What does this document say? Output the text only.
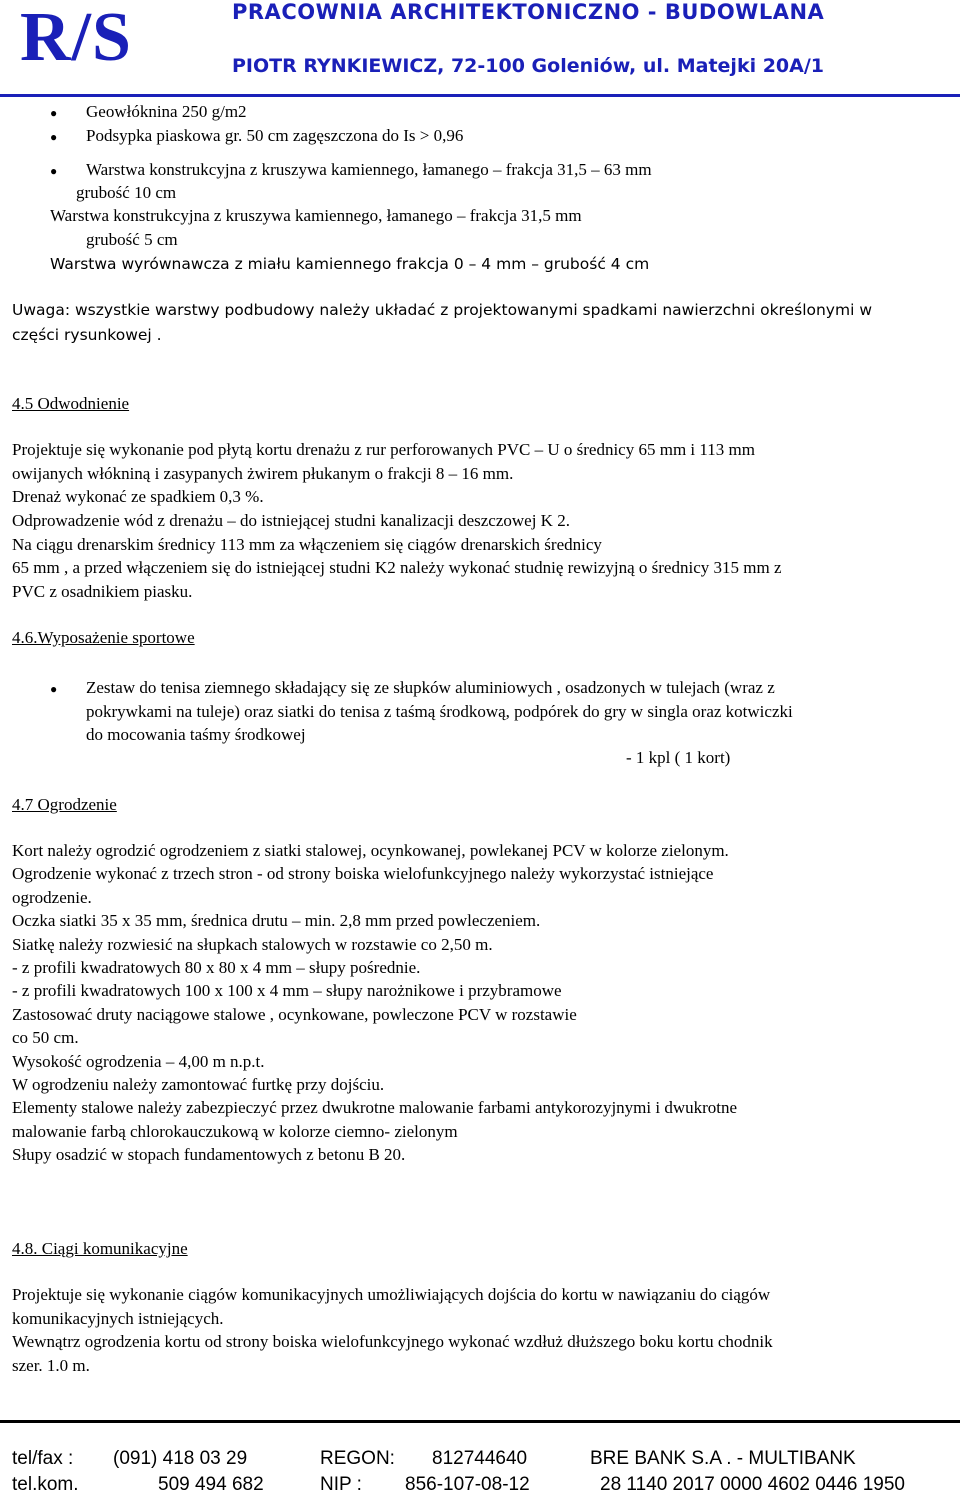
R/S	PRACOWNIA ARCHITEKTONICZNO - BUDOWLANA
PIOTR RYNKIEWICZ, 72-100 Goleniów, ul. Matejki 20A/1
● Geowłóknina 250 g/m2
● Podsypka piaskowa gr. 50 cm zagęszczona do Is > 0,96
● Warstwa konstrukcyjna z kruszywa kamiennego, łamanego – frakcja 31,5 – 63 mm
grubość 10 cm
Warstwa konstrukcyjna z kruszywa kamiennego, łamanego – frakcja 31,5 mm
grubość 5 cm
Warstwa wyrównawcza z miału kamiennego frakcja 0 – 4 mm – grubość 4 cm
Uwaga: wszystkie warstwy podbudowy należy układać z projektowanymi spadkami nawierzchni określonymi w
części rysunkowej .
4.5 Odwodnienie
Projektuje się wykonanie pod płytą kortu drenażu z rur perforowanych PVC – U o średnicy 65 mm i 113 mm
owijanych włókniną i zasypanych żwirem płukanym o frakcji 8 – 16 mm.
Drenaż wykonać ze spadkiem 0,3 %.
Odprowadzenie wód z drenażu – do istniejącej studni kanalizacji deszczowej K 2.
Na ciągu drenarskim średnicy 113 mm za włączeniem się ciągów drenarskich średnicy
65 mm , a przed włączeniem się do istniejącej studni K2 należy wykonać studnię rewizyjną o średnicy 315 mm z
PVC z osadnikiem piasku.
4.6.Wyposażenie sportowe
● Zestaw do tenisa ziemnego składający się ze słupków aluminiowych , osadzonych w tulejach (wraz z
pokrywkami na tuleje) oraz siatki do tenisa z taśmą środkową, podpórek do gry w singla oraz kotwiczki
do mocowania taśmy środkowej
- 1 kpl ( 1 kort)
4.7 Ogrodzenie
Kort należy ogrodzić ogrodzeniem z siatki stalowej, ocynkowanej, powlekanej PCV w kolorze zielonym.
Ogrodzenie wykonać z trzech stron - od strony boiska wielofunkcyjnego należy wykorzystać istniejące
ogrodzenie.
Oczka siatki 35 x 35 mm, średnica drutu – min. 2,8 mm przed powleczeniem.
Siatkę należy rozwiesić na słupkach stalowych w rozstawie co 2,50 m.
- z profili kwadratowych 80 x 80 x 4 mm – słupy pośrednie.
- z profili kwadratowych 100 x 100 x 4 mm – słupy narożnikowe i przybramowe
Zastosować druty naciągowe stalowe , ocynkowane, powleczone PCV w rozstawie
co 50 cm.
Wysokość ogrodzenia – 4,00 m n.p.t.
W ogrodzeniu należy zamontować furtkę przy dojściu.
Elementy stalowe należy zabezpieczyć przez dwukrotne malowanie farbami antykorozyjnymi i dwukrotne
malowanie farbą chlorokauczukową w kolorze ciemno- zielonym
Słupy osadzić w stopach fundamentowych z betonu B 20.
4.8. Ciągi komunikacyjne
Projektuje się wykonanie ciągów komunikacyjnych umożliwiających dojścia do kortu w nawiązaniu do ciągów
komunikacyjnych istniejących.
Wewnątrz ogrodzenia kortu od strony boiska wielofunkcyjnego wykonać wzdłuż dłuższego boku kortu chodnik
szer. 1.0 m.
tel/fax : (091) 418 03 29	REGON: 812744640	BRE BANK S.A . - MULTIBANK
tel.kom.	509 494 682	NIP : 856-107-08-12	28 1140 2017 0000 4602 0446 1950
